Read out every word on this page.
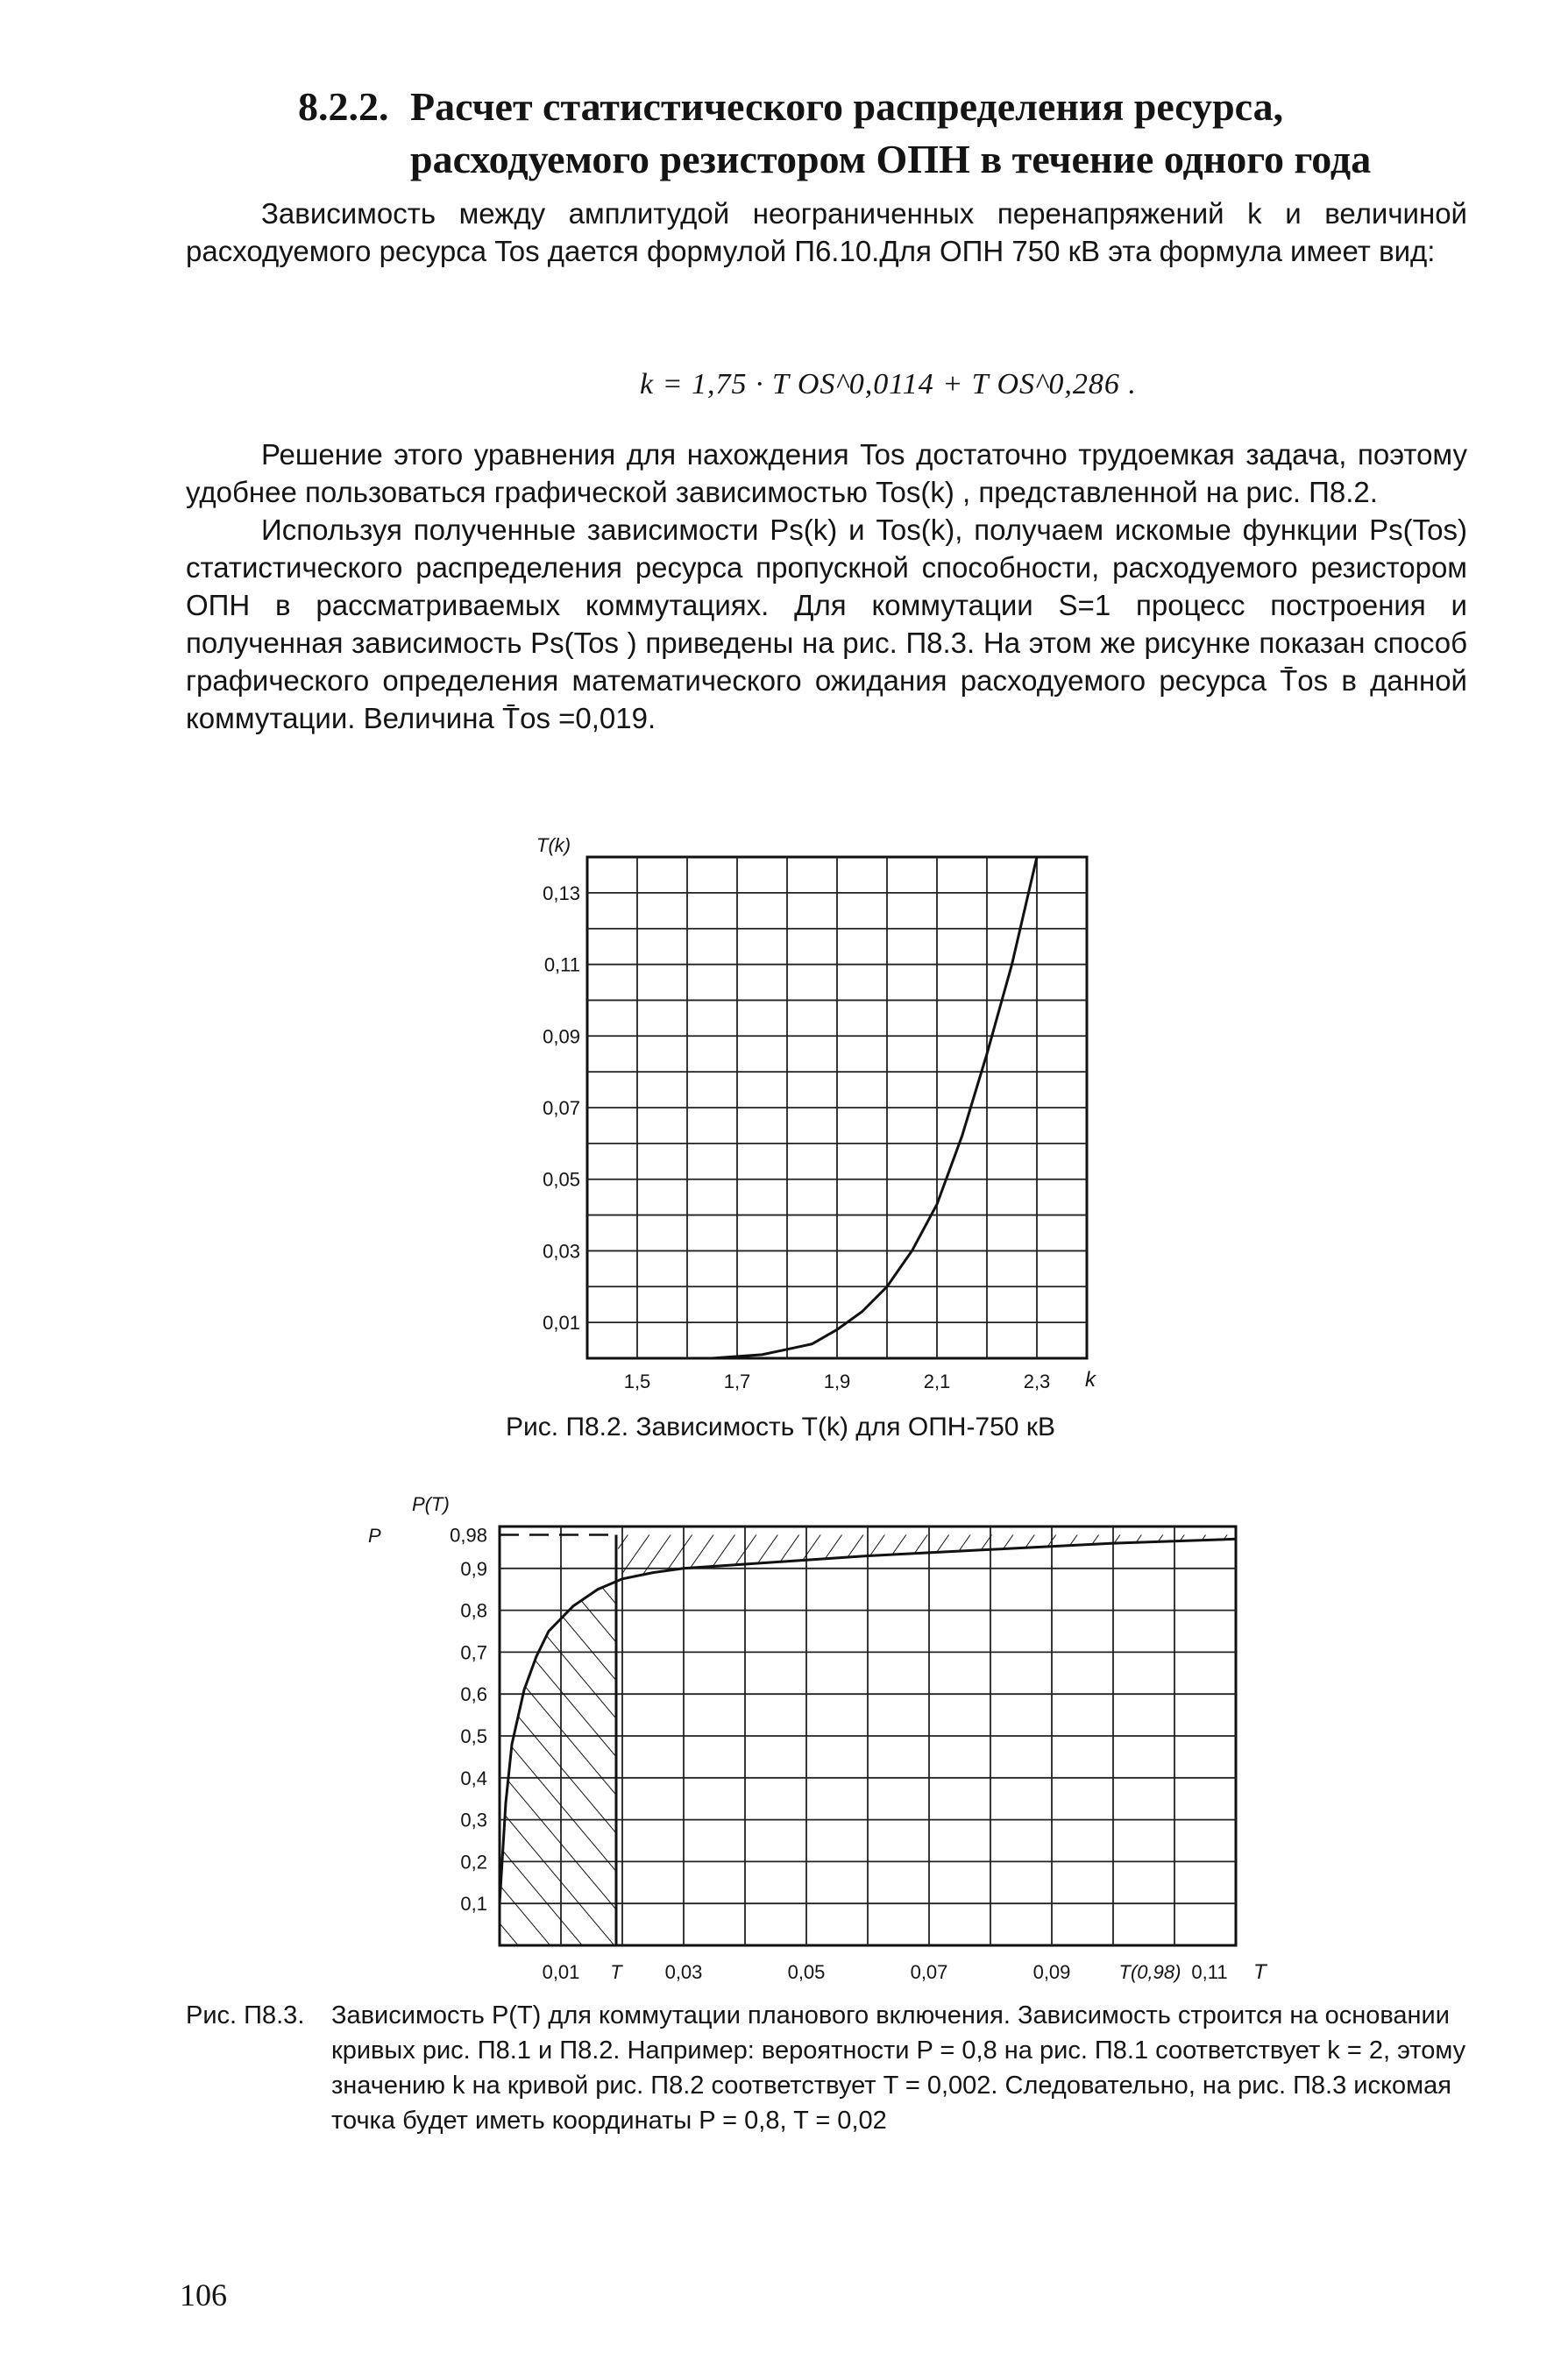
8.2.2. Расчет статистического распределения ресурса,
расходуемого резистором ОПН в течение одного года

Зависимость между амплитудой неограниченных перенапряжений k и величиной расходуемого ресурса Tos дается формулой П6.10.Для ОПН 750 кВ эта формула имеет вид:

k = 1,75 · T OS^0,0114 + T OS^0,286 .

Решение этого уравнения для нахождения Tos достаточно трудоемкая задача, поэтому удобнее пользоваться графической зависимостью Tos(k) , представленной на рис. П8.2.

Используя полученные зависимости Ps(k) и Tos(k), получаем искомые функции Ps(Tos) статистического распределения ресурса пропускной способности, расходуемого резистором ОПН в рассматриваемых коммутациях. Для коммутации S=1 процесс построения и полученная зависимость Ps(Tos ) приведены на рис. П8.3. На этом же рисунке показан способ графического определения математического ожидания расходуемого ресурса T̄os в данной коммутации. Величина T̄os =0,019.

0,13
0,11
0,09
0,07
0,05
0,03
0,01
1,5	1,7	1,9	2,1	2,3
T(k)
k
Рис. П8.2. Зависимость T(k) для ОПН-750 кВ
0,98
0,9
0,8
0,7
0,6
0,5
0,4
0,3
0,2
0,1
0,01 T 0,03	0,05	0,07	0,09	T(0,98) 0,11
P(T)
P
T
Рис. П8.3.	Зависимость P(T) для коммутации планового включения. Зависимость строится на основании кривых рис. П8.1 и П8.2. Например: вероятности P = 0,8 на рис. П8.1 соответствует k = 2, этому значению k на кривой рис. П8.2 соответствует T = 0,002. Следовательно, на рис. П8.3 искомая точка будет иметь координаты P = 0,8, T = 0,02
106
